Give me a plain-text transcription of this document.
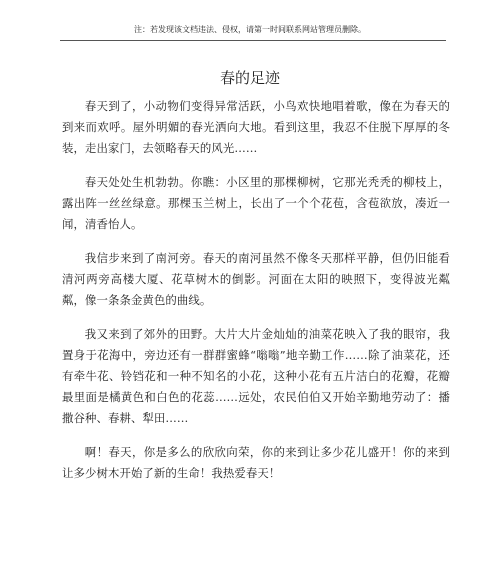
注：若发现该文档违法、侵权，请第一时间联系网站管理员删除。
春的足迹

春天到了，小动物们变得异常活跃，小鸟欢快地唱着歌，像在为春天的到来而欢呼。屋外明媚的春光洒向大地。看到这里，我忍不住脱下厚厚的冬装，走出家门，去领略春天的风光……

春天处处生机勃勃。你瞧：小区里的那棵柳树，它那光秃秃的柳枝上，露出阵一丝丝绿意。那棵玉兰树上，长出了一个个花苞，含苞欲放，凑近一闻，清香怡人。

我信步来到了南河旁。春天的南河虽然不像冬天那样平静，但仍旧能看清河两旁高楼大厦、花草树木的倒影。河面在太阳的映照下，变得波光粼粼，像一条条金黄色的曲线。

我又来到了郊外的田野。大片大片金灿灿的油菜花映入了我的眼帘，我置身于花海中，旁边还有一群群蜜蜂“嗡嗡”地辛勤工作……除了油菜花，还有牵牛花、铃铛花和一种不知名的小花，这种小花有五片洁白的花瓣，花瓣最里面是橘黄色和白色的花蕊……远处，农民伯伯又开始辛勤地劳动了：播撒谷种、春耕、犁田……

啊！春天，你是多么的欣欣向荣，你的来到让多少花儿盛开！你的来到让多少树木开始了新的生命！我热爱春天！
